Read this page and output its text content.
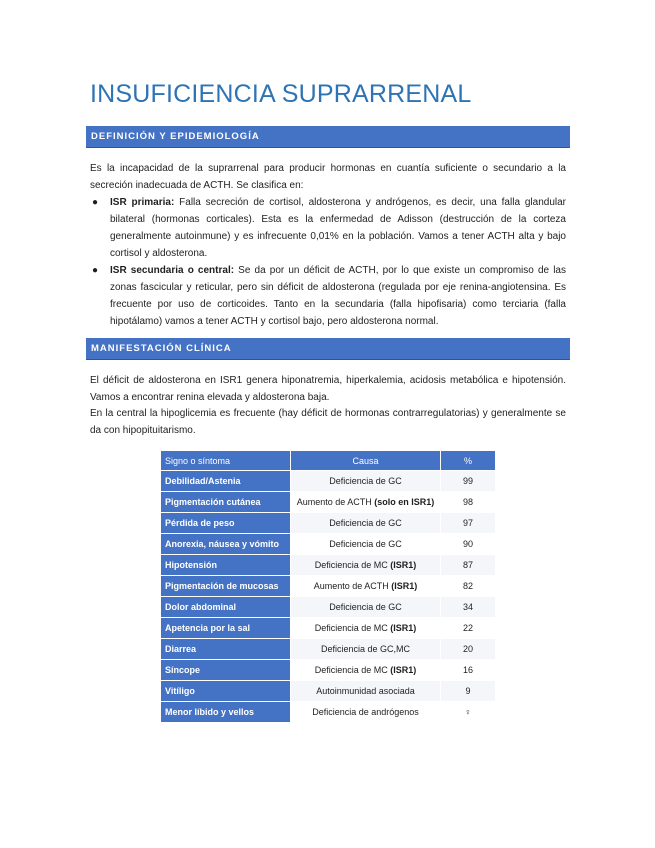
INSUFICIENCIA SUPRARRENAL
DEFINICIÓN Y EPIDEMIOLOGÍA

Es la incapacidad de la suprarrenal para producir hormonas en cuantía suficiente o secundario a la secreción inadecuada de ACTH. Se clasifica en:

● ISR primaria: Falla secreción de cortisol, aldosterona y andrógenos, es decir, una falla glandular bilateral (hormonas corticales). Esta es la enfermedad de Adisson (destrucción de la corteza generalmente autoinmune) y es infrecuente 0,01% en la población. Vamos a tener ACTH alta y bajo cortisol y aldosterona.
● ISR secundaria o central: Se da por un déficit de ACTH, por lo que existe un compromiso de las zonas fascicular y reticular, pero sin déficit de aldosterona (regulada por eje renina-angiotensina. Es frecuente por uso de corticoides. Tanto en la secundaria (falla hipofisaria) como terciaria (falla hipotálamo) vamos a tener ACTH y cortisol bajo, pero aldosterona normal.
MANIFESTACIÓN CLÍNICA

El déficit de aldosterona en ISR1 genera hiponatremia, hiperkalemia, acidosis metabólica e hipotensión. Vamos a encontrar renina elevada y aldosterona baja.

En la central la hipoglicemia es frecuente (hay déficit de hormonas contrarregulatorias) y generalmente se da con hipopituitarismo.

Signo o síntoma	Causa	%
Debilidad/Astenia	Deficiencia de GC	99
Pigmentación cutánea	Aumento de ACTH (solo en ISR1)	98
Pérdida de peso	Deficiencia de GC	97
Anorexia, náusea y vómito	Deficiencia de GC	90
Hipotensión	Deficiencia de MC (ISR1)	87
Pigmentación de mucosas	Aumento de ACTH (ISR1)	82
Dolor abdominal	Deficiencia de GC	34
Apetencia por la sal	Deficiencia de MC (ISR1)	22
Diarrea	Deficiencia de GC,MC	20
Síncope	Deficiencia de MC (ISR1)	16
Vitíligo	Autoinmunidad asociada	9
Menor líbido y vellos	Deficiencia de andrógenos	♀
